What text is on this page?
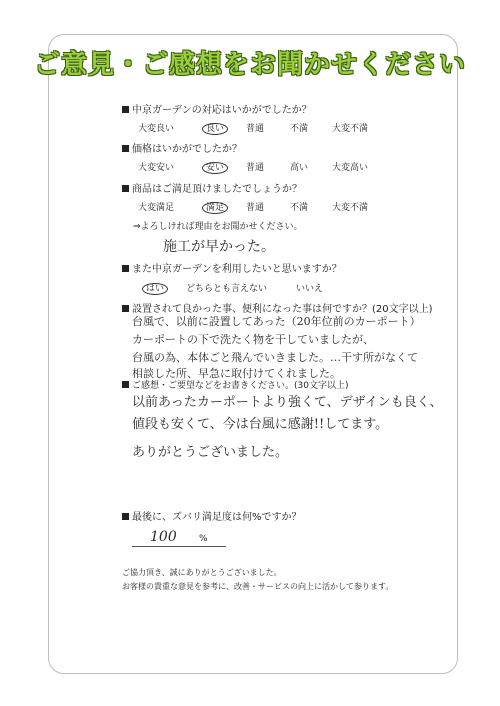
ご意見・ご感想をお聞かせください
中京ガーデンの対応はいかがでしたか？
大変良い	良い	普通	不満	大変不満
価格はいかがでしたか？
大変安い	安い	普通	高い	大変高い
商品はご満足頂けましたでしょうか？
大変満足	満足	普通	不満	大変不満
⇒よろしければ理由をお聞かせください。
施工が早かった。
また中京ガーデンを利用したいと思いますか？
はい	どちらとも言えない	いいえ
設置されて良かった事、便利になった事は何ですか？(20文字以上)
台風で、以前に設置してあった（20年位前のカーポート）
カーポートの下で洗たく物を干していましたが、
台風の為、本体ごと飛んでいきました。…干す所がなくて
相談した所、早急に取付けてくれました。
ご感想・ご要望などをお書きください。(30文字以上)
以前あったカーポートより強くて、デザインも良く、
値段も安くて、今は台風に感謝!!してます。
ありがとうございました。
最後に、ズバリ満足度は何%ですか？
100 %
ご協力頂き、誠にありがとうございました。
お客様の貴重な意見を参考に、改善・サービスの向上に活かして参ります。
